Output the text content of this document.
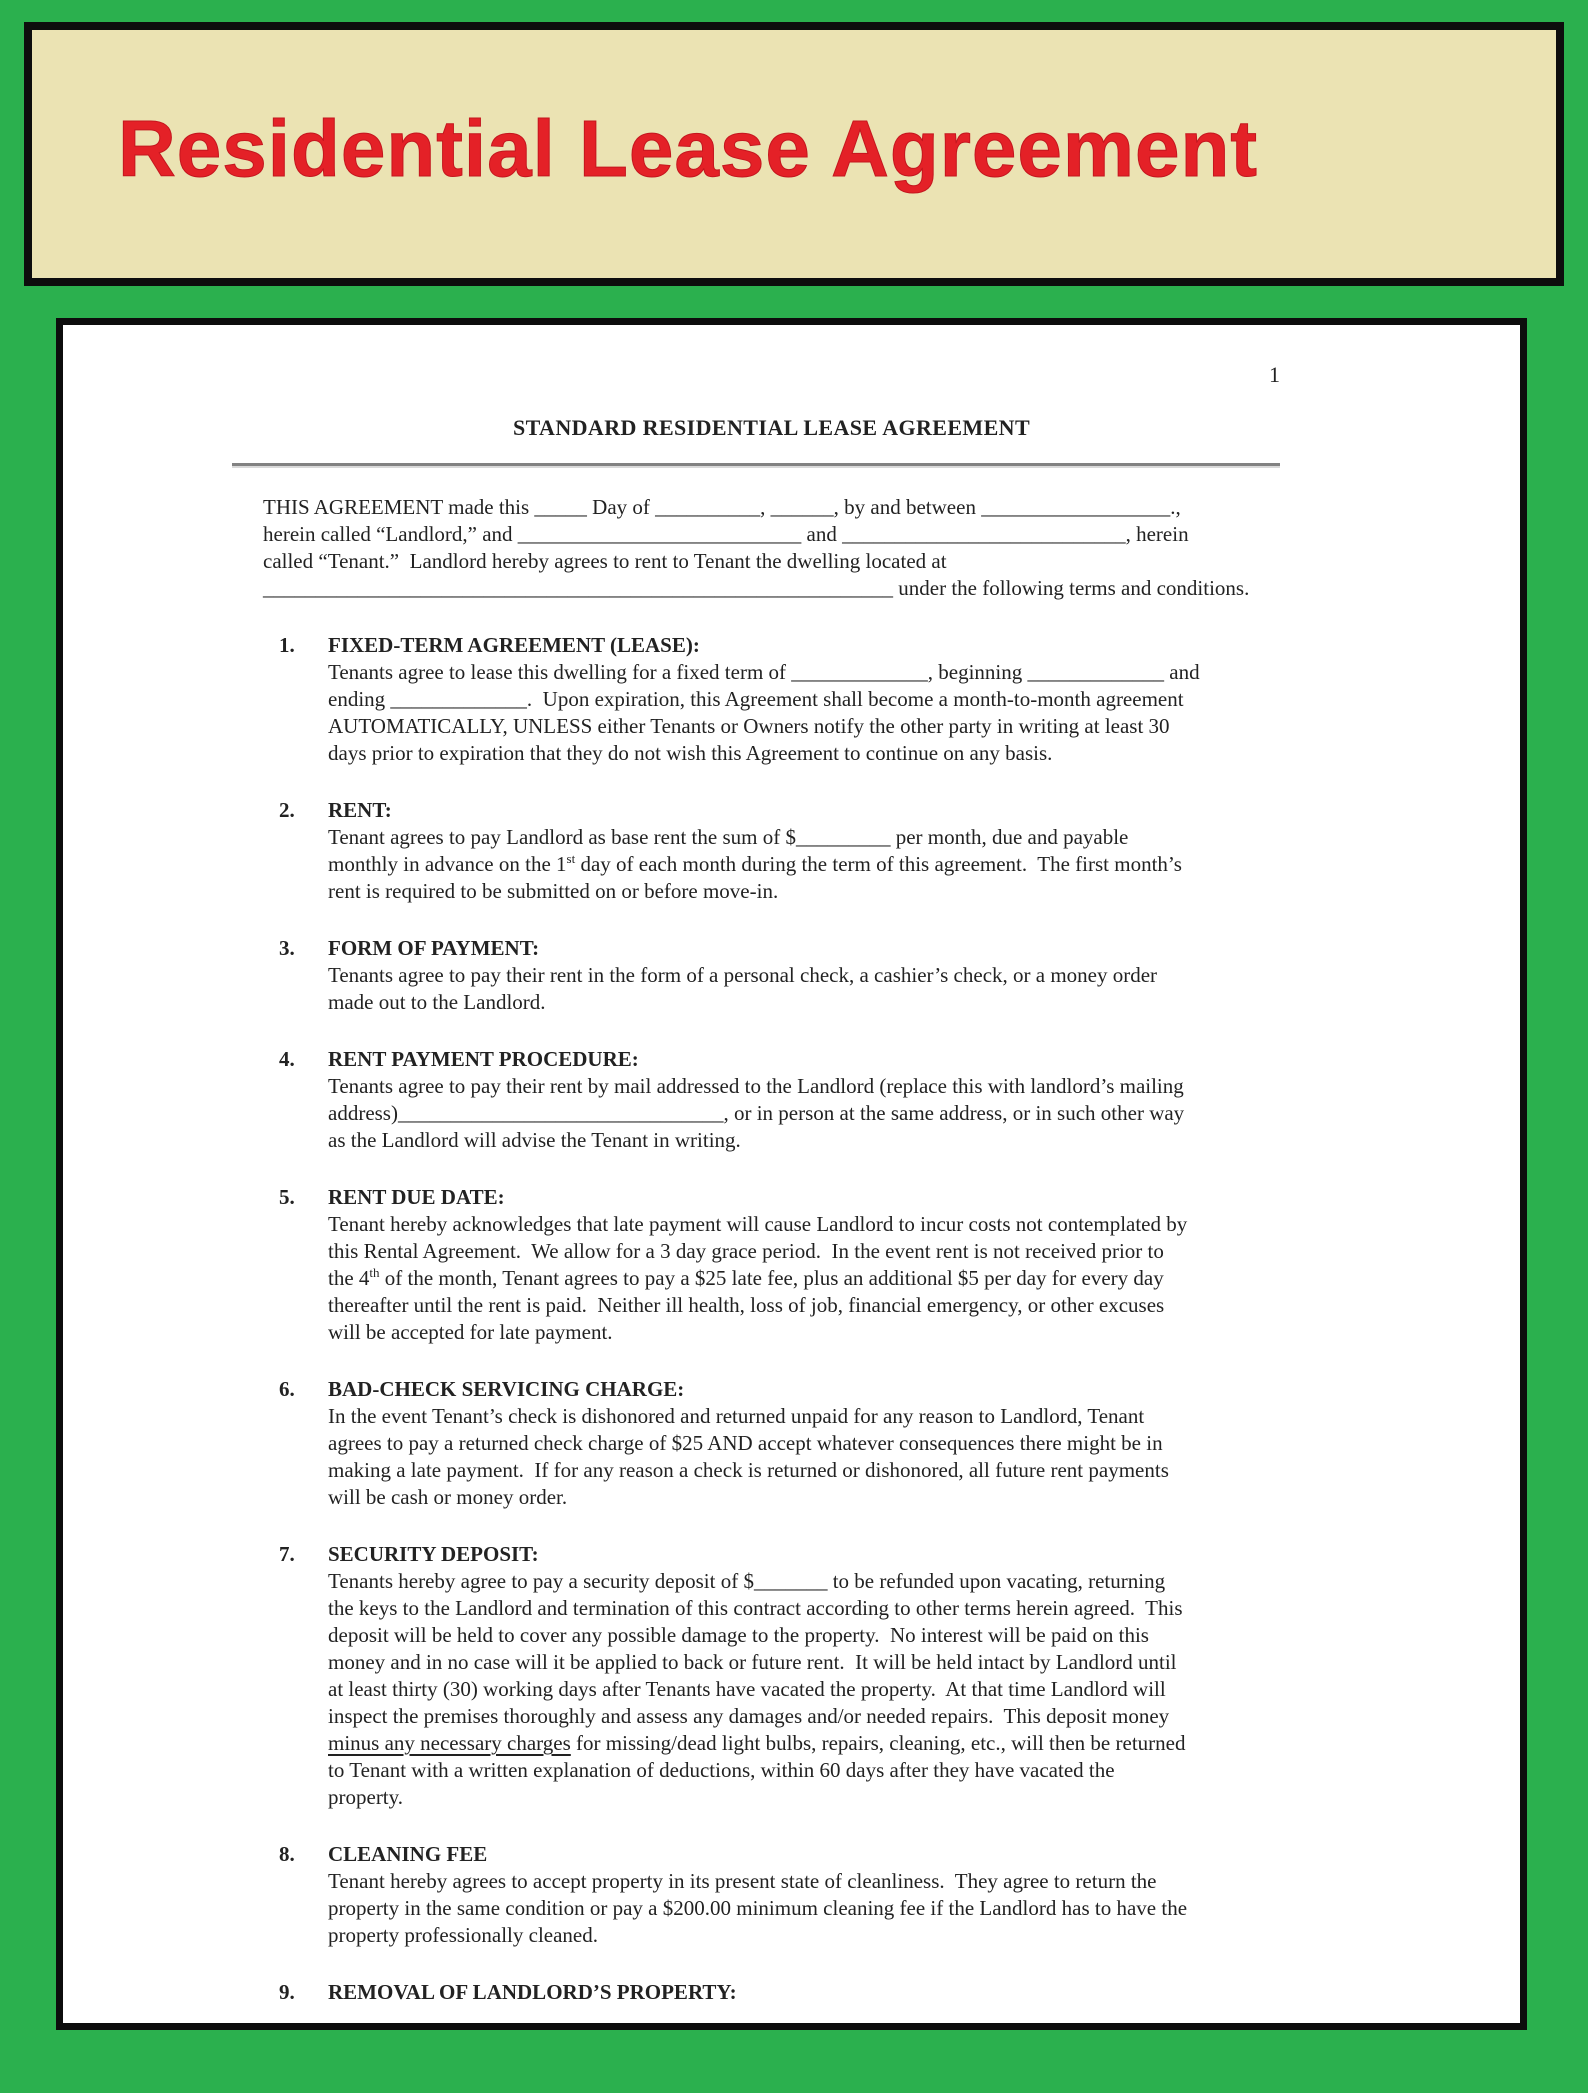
Residential Lease Agreement
1
STANDARD RESIDENTIAL LEASE AGREEMENT
THIS AGREEMENT made this _____ Day of __________, ______, by and between __________________.,
herein called “Landlord,” and ___________________________ and ___________________________, herein
called “Tenant.”  Landlord hereby agrees to rent to Tenant the dwelling located at
____________________________________________________________ under the following terms and conditions.
1. FIXED-TERM AGREEMENT (LEASE):
Tenants agree to lease this dwelling for a fixed term of _____________, beginning _____________ and
ending _____________.  Upon expiration, this Agreement shall become a month-to-month agreement
AUTOMATICALLY, UNLESS either Tenants or Owners notify the other party in writing at least 30
days prior to expiration that they do not wish this Agreement to continue on any basis.
2. RENT:
Tenant agrees to pay Landlord as base rent the sum of $_________ per month, due and payable
monthly in advance on the 1st day of each month during the term of this agreement.  The first month’s
rent is required to be submitted on or before move-in.
3. FORM OF PAYMENT:
Tenants agree to pay their rent in the form of a personal check, a cashier’s check, or a money order
made out to the Landlord.
4. RENT PAYMENT PROCEDURE:
Tenants agree to pay their rent by mail addressed to the Landlord (replace this with landlord’s mailing
address)_______________________________, or in person at the same address, or in such other way
as the Landlord will advise the Tenant in writing.
5. RENT DUE DATE:
Tenant hereby acknowledges that late payment will cause Landlord to incur costs not contemplated by
this Rental Agreement.  We allow for a 3 day grace period.  In the event rent is not received prior to
the 4th of the month, Tenant agrees to pay a $25 late fee, plus an additional $5 per day for every day
thereafter until the rent is paid.  Neither ill health, loss of job, financial emergency, or other excuses
will be accepted for late payment.
6. BAD-CHECK SERVICING CHARGE:
In the event Tenant’s check is dishonored and returned unpaid for any reason to Landlord, Tenant
agrees to pay a returned check charge of $25 AND accept whatever consequences there might be in
making a late payment.  If for any reason a check is returned or dishonored, all future rent payments
will be cash or money order.
7. SECURITY DEPOSIT:
Tenants hereby agree to pay a security deposit of $_______ to be refunded upon vacating, returning
the keys to the Landlord and termination of this contract according to other terms herein agreed.  This
deposit will be held to cover any possible damage to the property.  No interest will be paid on this
money and in no case will it be applied to back or future rent.  It will be held intact by Landlord until
at least thirty (30) working days after Tenants have vacated the property.  At that time Landlord will
inspect the premises thoroughly and assess any damages and/or needed repairs.  This deposit money
minus any necessary charges for missing/dead light bulbs, repairs, cleaning, etc., will then be returned
to Tenant with a written explanation of deductions, within 60 days after they have vacated the
property.
8. CLEANING FEE
Tenant hereby agrees to accept property in its present state of cleanliness.  They agree to return the
property in the same condition or pay a $200.00 minimum cleaning fee if the Landlord has to have the
property professionally cleaned.
9. REMOVAL OF LANDLORD’S PROPERTY:
